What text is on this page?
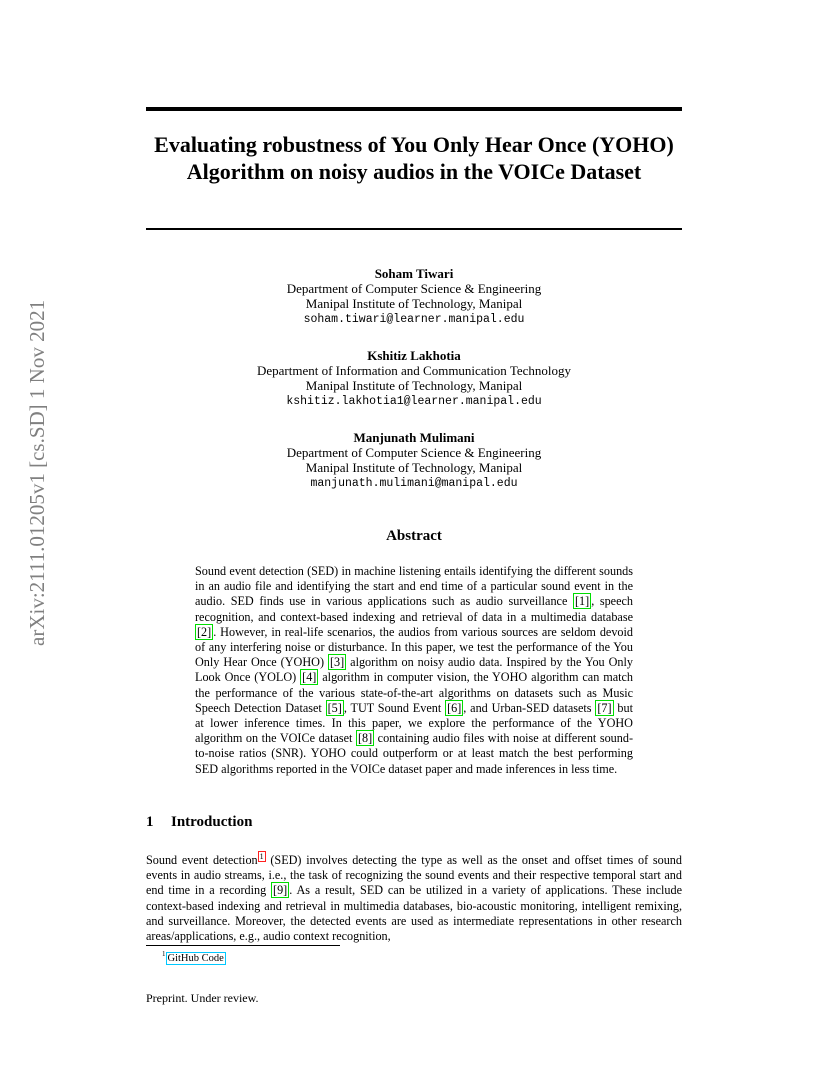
arXiv:2111.01205v1 [cs.SD] 1 Nov 2021
Evaluating robustness of You Only Hear Once (YOHO) Algorithm on noisy audios in the VOICe Dataset
Soham Tiwari
Department of Computer Science & Engineering
Manipal Institute of Technology, Manipal
soham.tiwari@learner.manipal.edu
Kshitiz Lakhotia
Department of Information and Communication Technology
Manipal Institute of Technology, Manipal
kshitiz.lakhotia1@learner.manipal.edu
Manjunath Mulimani
Department of Computer Science & Engineering
Manipal Institute of Technology, Manipal
manjunath.mulimani@manipal.edu
Abstract

Sound event detection (SED) in machine listening entails identifying the different sounds in an audio file and identifying the start and end time of a particular sound event in the audio. SED finds use in various applications such as audio surveillance [1] , speech recognition, and context-based indexing and retrieval of data in a multimedia database [2] . However, in real-life scenarios, the audios from various sources are seldom devoid of any interfering noise or disturbance. In this paper, we test the performance of the You Only Hear Once (YOHO) [3] algorithm on noisy audio data. Inspired by the You Only Look Once (YOLO) [4] algorithm in computer vision, the YOHO algorithm can match the performance of the various state-of-the-art algorithms on datasets such as Music Speech Detection Dataset [5] , TUT Sound Event [6] , and Urban-SED datasets [7] but at lower inference times. In this paper, we explore the performance of the YOHO algorithm on the VOICe dataset [8] containing audio files with noise at different sound-to-noise ratios (SNR). YOHO could outperform or at least match the best performing SED algorithms reported in the VOICe dataset paper and made inferences in less time.

1 Introduction

Sound event detection $^1$ (SED) involves detecting the type as well as the onset and offset times of sound events in audio streams, i.e., the task of recognizing the sound events and their respective temporal start and end time in a recording [9] . As a result, SED can be utilized in a variety of applications. These include context-based indexing and retrieval in multimedia databases, bio-acoustic monitoring, intelligent remixing, and surveillance. Moreover, the detected events are used as intermediate representations in other research areas/applications, e.g., audio context recognition,

$^1$ GitHub Code
Preprint. Under review.
